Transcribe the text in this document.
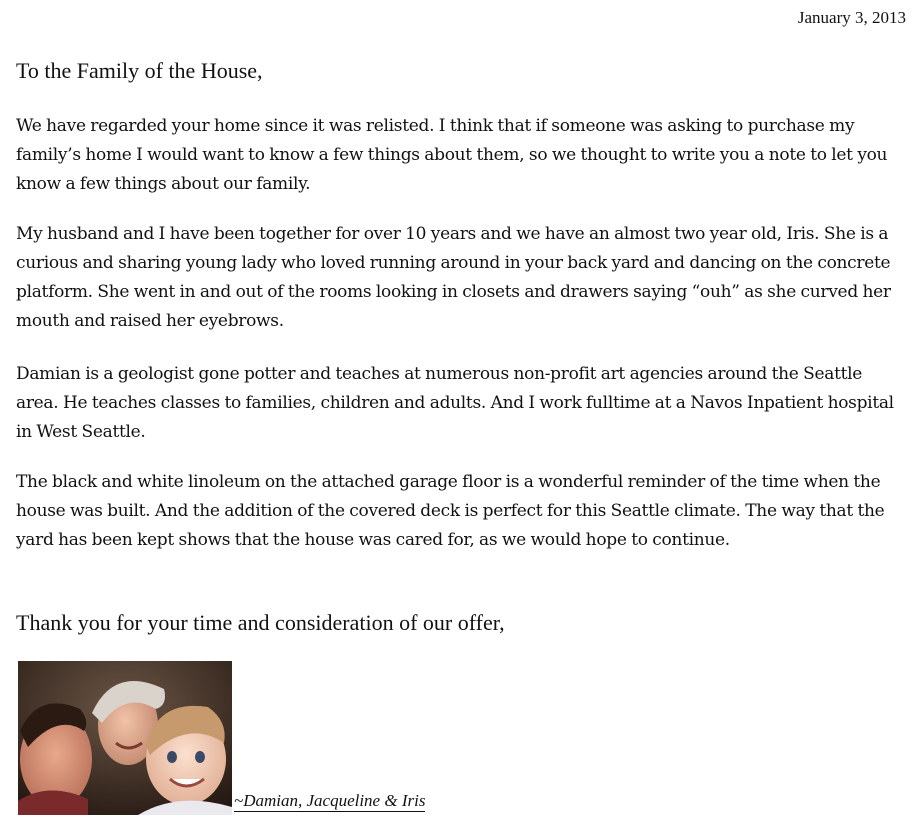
January 3, 2013
To the Family of the House,
We have regarded your home since it was relisted. I think that if someone was asking to purchase my family’s home I would want to know a few things about them, so we thought to write you a note to let you know a few things about our family.
My husband and I have been together for over 10 years and we have an almost two year old, Iris. She is a curious and sharing young lady who loved running around in your back yard and dancing on the concrete platform. She went in and out of the rooms looking in closets and drawers saying “ouh” as she curved her mouth and raised her eyebrows.
Damian is a geologist gone potter and teaches at numerous non-profit art agencies around the Seattle area. He teaches classes to families, children and adults. And I work fulltime at a Navos Inpatient hospital in West Seattle.
The black and white linoleum on the attached garage floor is a wonderful reminder of the time when the house was built. And the addition of the covered deck is perfect for this Seattle climate. The way that the yard has been kept shows that the house was cared for, as we would hope to continue.
Thank you for your time and consideration of our offer,
~Damian, Jacqueline & Iris
